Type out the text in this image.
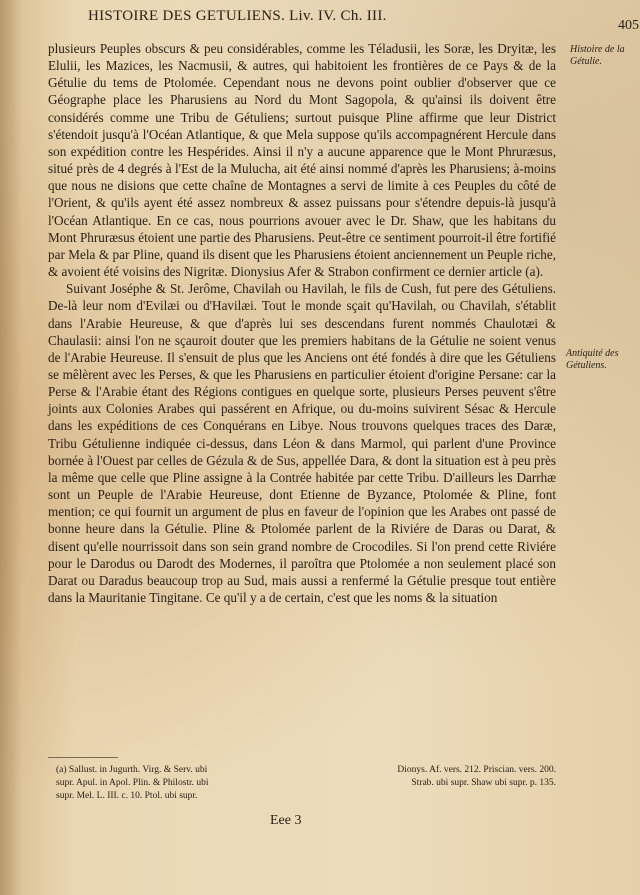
HISTOIRE DES GETULIENS. Liv. IV. Ch. III.
405
Histoire de la Gétulie.
Antiquité des Gétuliens.

plusieurs Peuples obscurs & peu considérables, comme les Téladusii, les Soræ, les Dryitæ, les Elulii, les Mazices, les Nacmusii, & autres, qui habitoient les frontières de ce Pays & de la Gétulie du tems de Ptolomée. Cependant nous ne devons point oublier d'observer que ce Géographe place les Pharusiens au Nord du Mont Sagopola, & qu'ainsi ils doivent être considérés comme une Tribu de Gétuliens; surtout puisque Pline affirme que leur District s'étendoit jusqu'à l'Océan Atlantique, & que Mela suppose qu'ils accompagnérent Hercule dans son expédition contre les Hespérides. Ainsi il n'y a aucune apparence que le Mont Phruræsus, situé près de 4 degrés à l'Est de la Mulucha, ait été ainsi nommé d'après les Pharusiens; à-moins que nous ne disions que cette chaîne de Montagnes a servi de limite à ces Peuples du côté de l'Orient, & qu'ils ayent été assez nombreux & assez puissans pour s'étendre depuis-là jusqu'à l'Océan Atlantique. En ce cas, nous pourrions avouer avec le Dr. Shaw, que les habitans du Mont Phruræsus étoient une partie des Pharusiens. Peut-être ce sentiment pourroit-il être fortifié par Mela & par Pline, quand ils disent que les Pharusiens étoient anciennement un Peuple riche, & avoient été voisins des Nigritæ. Dionysius Afer & Strabon confirment ce dernier article (a).

Suivant Joséphe & St. Jerôme, Chavilah ou Havilah, le fils de Cush, fut pere des Gétuliens. De-là leur nom d'Evilæi ou d'Havilæi. Tout le monde sçait qu'Havilah, ou Chavilah, s'établit dans l'Arabie Heureuse, & que d'après lui ses descendans furent nommés Chaulotæi & Chaulasii: ainsi l'on ne sçauroit douter que les premiers habitans de la Gétulie ne soient venus de l'Arabie Heureuse. Il s'ensuit de plus que les Anciens ont été fondés à dire que les Gétuliens se mêlèrent avec les Perses, & que les Pharusiens en particulier étoient d'origine Persane: car la Perse & l'Arabie étant des Régions contigues en quelque sorte, plusieurs Perses peuvent s'être joints aux Colonies Arabes qui passérent en Afrique, ou du-moins suivirent Sésac & Hercule dans les expéditions de ces Conquérans en Libye. Nous trouvons quelques traces des Daræ, Tribu Gétulienne indiquée ci-dessus, dans Léon & dans Marmol, qui parlent d'une Province bornée à l'Ouest par celles de Gézula & de Sus, appellée Dara, & dont la situation est à peu près la même que celle que Pline assigne à la Contrée habitée par cette Tribu. D'ailleurs les Darrhæ sont un Peuple de l'Arabie Heureuse, dont Etienne de Byzance, Ptolomée & Pline, font mention; ce qui fournit un argument de plus en faveur de l'opinion que les Arabes ont passé de bonne heure dans la Gétulie. Pline & Ptolomée parlent de la Riviére de Daras ou Darat, & disent qu'elle nourrissoit dans son sein grand nombre de Crocodiles. Si l'on prend cette Riviére pour le Darodus ou Darodt des Modernes, il paroîtra que Ptolomée a non seulement placé son Darat ou Daradus beaucoup trop au Sud, mais aussi a renfermé la Gétulie presque tout entière dans la Mauritanie Tingitane. Ce qu'il y a de certain, c'est que les noms & la situation

(a) Sallust. in Jugurth. Virg. & Serv. ubi	Dionys. Af. vers. 212. Priscian. vers. 200.
supr. Apul. in Apol. Plin. & Philostr. ubi	Strab. ubi supr. Shaw ubi supr. p. 135.
supr. Mel. L. III. c. 10. Ptol. ubi supr.
Eee 3
